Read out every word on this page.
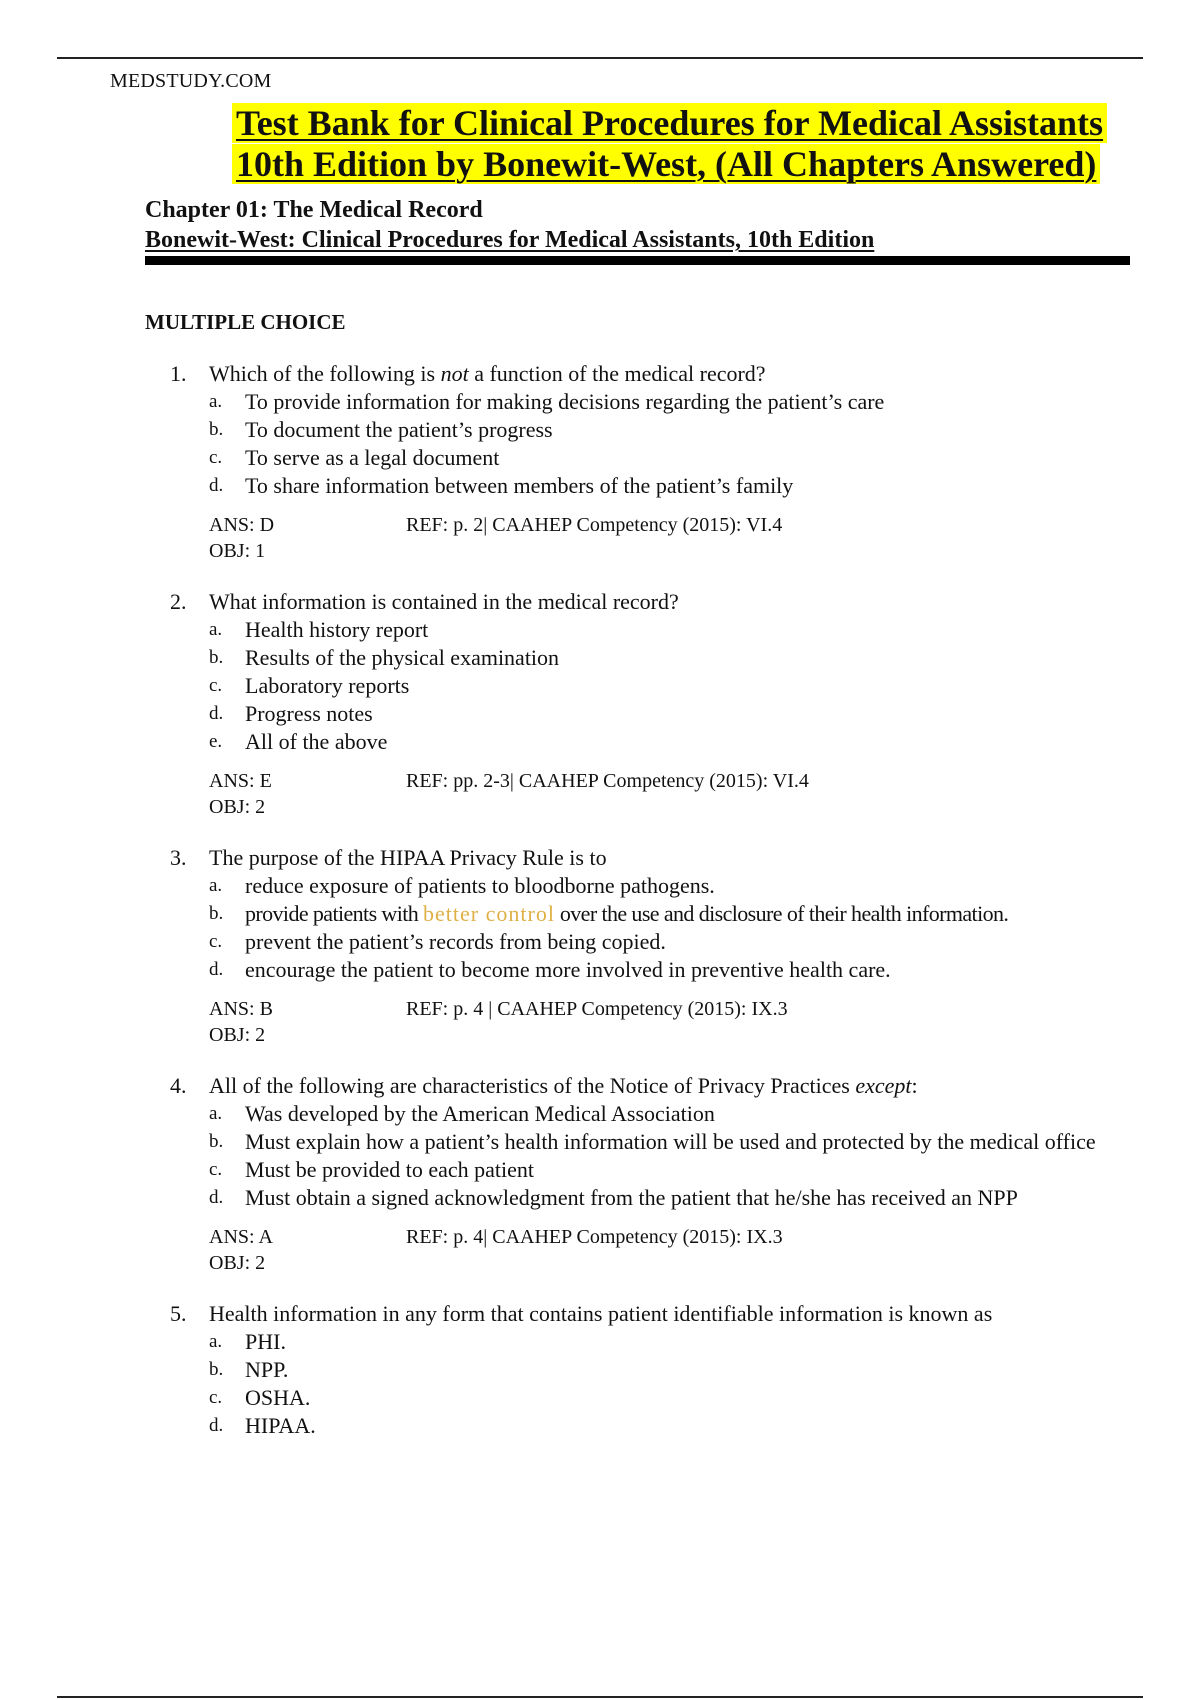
MEDSTUDY.COM
Test Bank for Clinical Procedures for Medical Assistants
10th Edition by Bonewit-West, (All Chapters Answered)
Chapter 01: The Medical Record
Bonewit-West: Clinical Procedures for Medical Assistants, 10th Edition
MULTIPLE CHOICE
1.	Which of the following is not a function of the medical record?
a.	To provide information for making decisions regarding the patient’s care
b. To document the patient’s progress
c.	To serve as a legal document
d. To share information between members of the patient’s family
ANS: D	REF: p. 2| CAAHEP Competency (2015): VI.4
OBJ: 1
2.	What information is contained in the medical record?
a.	Health history report
b. Results of the physical examination
c.	Laboratory reports
d. Progress notes
e.	All of the above
ANS: E	REF: pp. 2-3| CAAHEP Competency (2015): VI.4
OBJ: 2
3.	The purpose of the HIPAA Privacy Rule is to
a.	reduce exposure of patients to bloodborne pathogens.
b. provide patients with better control over the use and disclosure of their health information.
c.	prevent the patient’s records from being copied.
d. encourage the patient to become more involved in preventive health care.
ANS: B	REF: p. 4 | CAAHEP Competency (2015): IX.3
OBJ: 2
4.	All of the following are characteristics of the Notice of Privacy Practices except:
a.	Was developed by the American Medical Association
b. Must explain how a patient’s health information will be used and protected by the medical office
c.	Must be provided to each patient
d. Must obtain a signed acknowledgment from the patient that he/she has received an NPP
ANS: A	REF: p. 4| CAAHEP Competency (2015): IX.3
OBJ: 2
5.	Health information in any form that contains patient identifiable information is known as
a.	PHI.
b. NPP.
c.	OSHA.
d. HIPAA.
